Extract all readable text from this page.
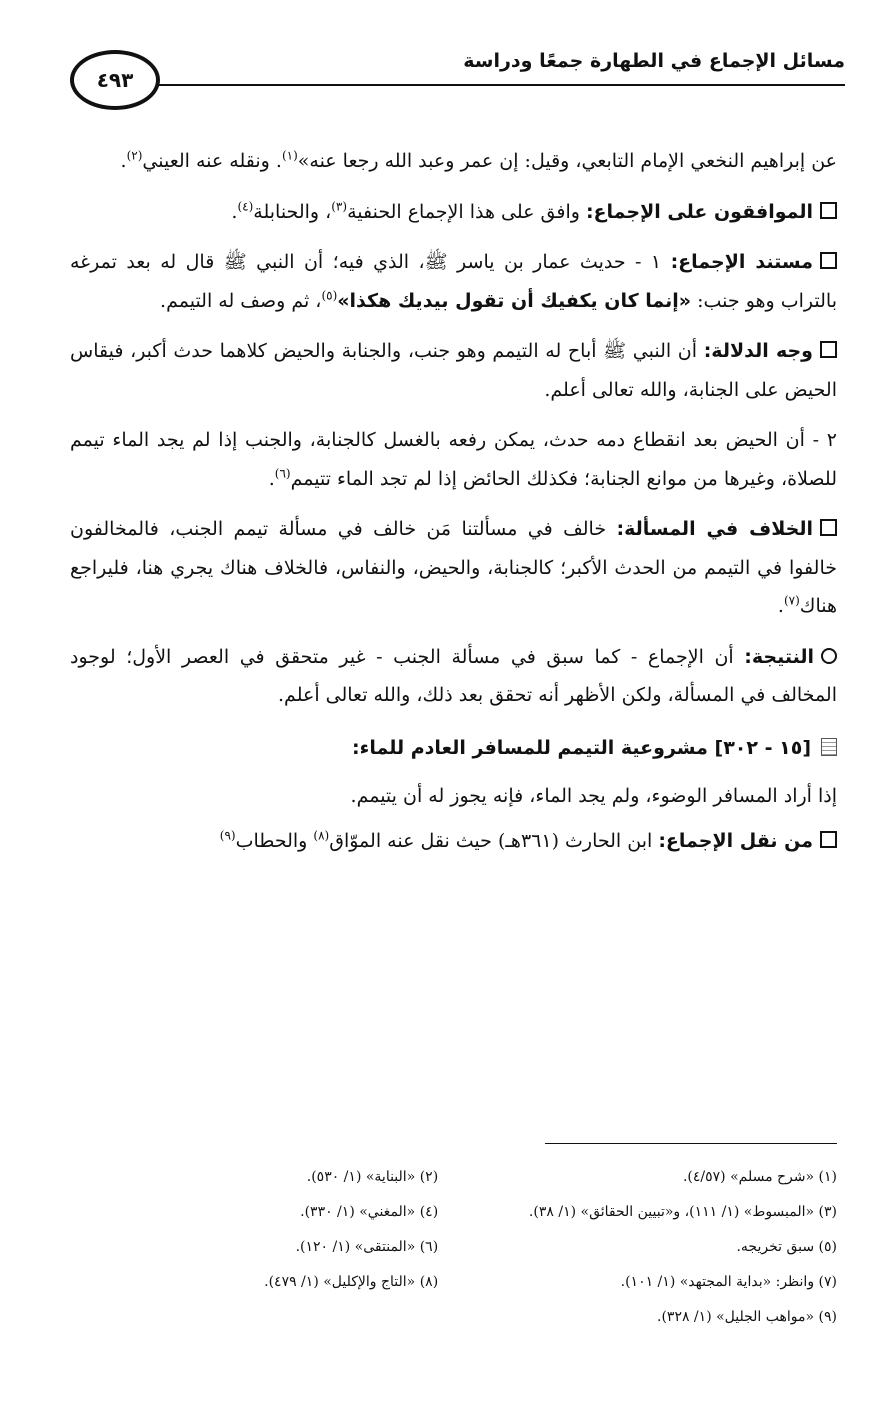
مسائل الإجماع في الطهارة جمعًا ودراسة
٤٩٣

عن إبراهيم النخعي الإمام التابعي، وقيل: إن عمر وعبد الله رجعا عنه»$^{(١)}$. ونقله عنه العيني$^{(٢)}$.

الموافقون على الإجماع: وافق على هذا الإجماع الحنفية$^{(٣)}$، والحنابلة$^{(٤)}$.

مستند الإجماع: ١ - حديث عمار بن ياسر ﷺ، الذي فيه؛ أن النبي ﷺ قال له بعد تمرغه بالتراب وهو جنب: «إنما كان يكفيك أن تقول بيديك هكذا»$^{(٥)}$، ثم وصف له التيمم.

وجه الدلالة: أن النبي ﷺ أباح له التيمم وهو جنب، والجنابة والحيض كلاهما حدث أكبر، فيقاس الحيض على الجنابة، والله تعالى أعلم.

٢ - أن الحيض بعد انقطاع دمه حدث، يمكن رفعه بالغسل كالجنابة، والجنب إذا لم يجد الماء تيمم للصلاة، وغيرها من موانع الجنابة؛ فكذلك الحائض إذا لم تجد الماء تتيمم$^{(٦)}$.

الخلاف في المسألة: خالف في مسألتنا مَن خالف في مسألة تيمم الجنب، فالمخالفون خالفوا في التيمم من الحدث الأكبر؛ كالجنابة، والحيض، والنفاس، فالخلاف هناك يجري هنا، فليراجع هناك$^{(٧)}$.

النتيجة: أن الإجماع - كما سبق في مسألة الجنب - غير متحقق في العصر الأول؛ لوجود المخالف في المسألة، ولكن الأظهر أنه تحقق بعد ذلك، والله تعالى أعلم.

[١٥ - ٣٠٢] مشروعية التيمم للمسافر العادم للماء:

إذا أراد المسافر الوضوء، ولم يجد الماء، فإنه يجوز له أن يتيمم.

من نقل الإجماع: ابن الحارث (٣٦١هـ) حيث نقل عنه الموّاق$^{(٨)}$ والحطاب$^{(٩)}$

(١) «شرح مسلم» (٤/٥٧).
(٢) «البناية» (١/ ٥٣٠).
(٣) «المبسوط» (١/ ١١١)، و«تبيين الحقائق» (١/ ٣٨).
(٤) «المغني» (١/ ٣٣٠).
(٥) سبق تخريجه.
(٦) «المنتقى» (١/ ١٢٠).
(٧) وانظر: «بداية المجتهد» (١/ ١٠١).
(٨) «التاج والإكليل» (١/ ٤٧٩).
(٩) «مواهب الجليل» (١/ ٣٢٨).
